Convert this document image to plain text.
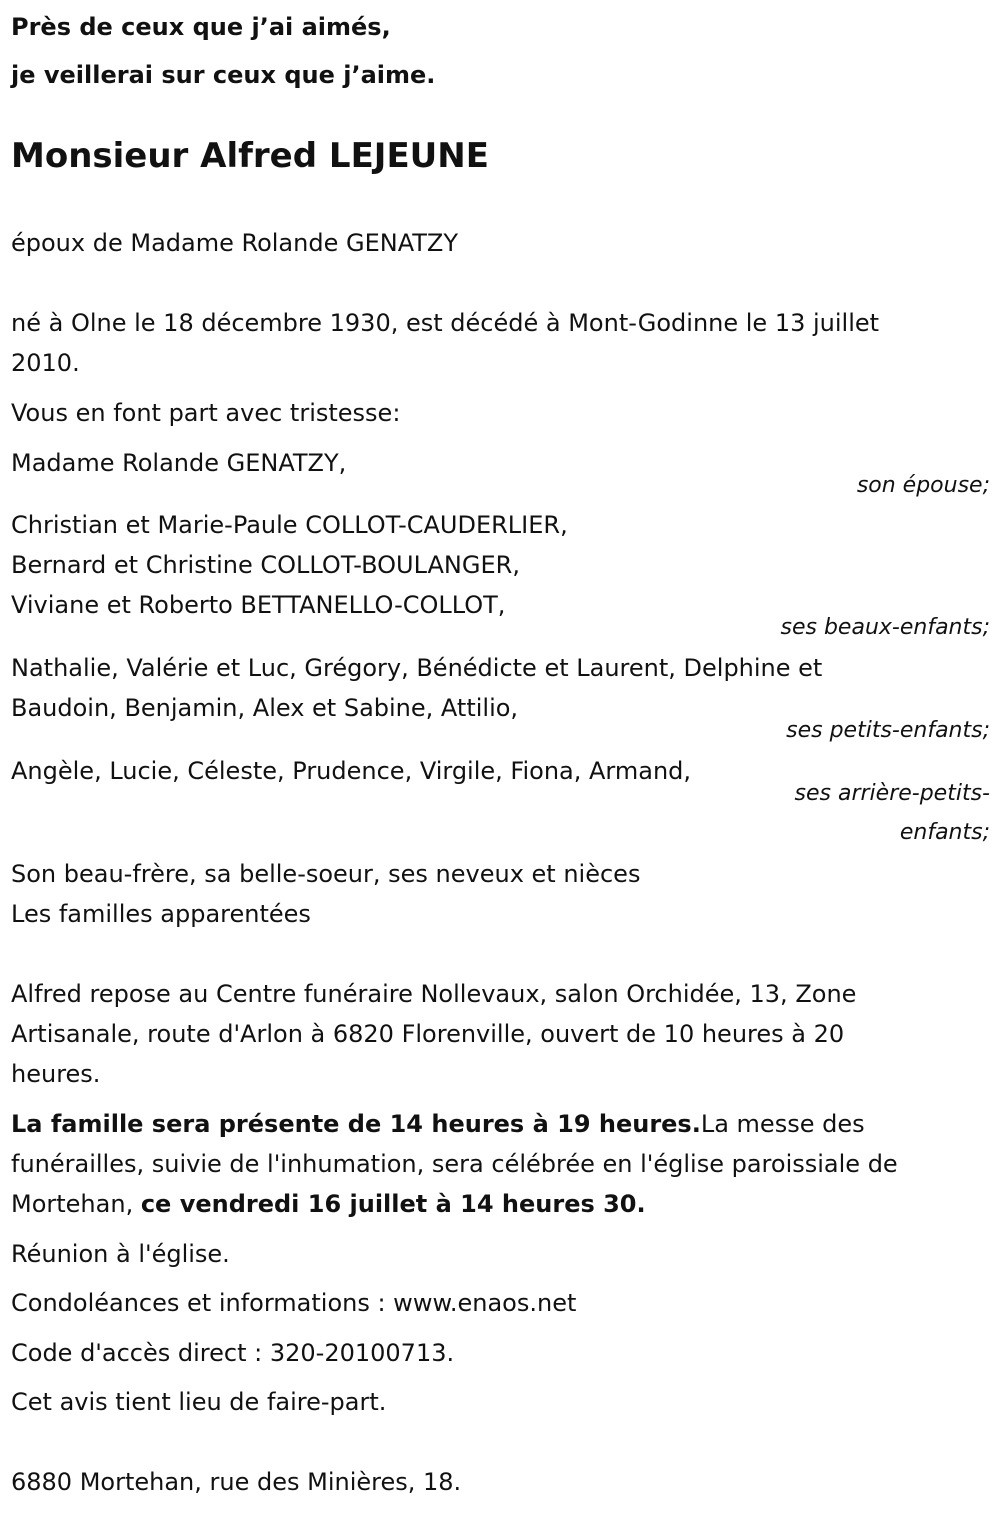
Près de ceux que j’ai aimés,
je veillerai sur ceux que j’aime.
Monsieur Alfred LEJEUNE
époux de Madame Rolande GENATZY
né à Olne le 18 décembre 1930, est décédé à Mont-Godinne le 13 juillet
2010.
Vous en font part avec tristesse:
Madame Rolande GENATZY,
son épouse;
Christian et Marie-Paule COLLOT-CAUDERLIER,
Bernard et Christine COLLOT-BOULANGER,
Viviane et Roberto BETTANELLO-COLLOT,
ses beaux-enfants;
Nathalie, Valérie et Luc, Grégory, Bénédicte et Laurent, Delphine et
Baudoin, Benjamin, Alex et Sabine, Attilio,
ses petits-enfants;
Angèle, Lucie, Céleste, Prudence, Virgile, Fiona, Armand,
ses arrière-petits-
enfants;
Son beau-frère, sa belle-soeur, ses neveux et nièces
Les familles apparentées
Alfred repose au Centre funéraire Nollevaux, salon Orchidée, 13, Zone
Artisanale, route d'Arlon à 6820 Florenville, ouvert de 10 heures à 20
heures.
La famille sera présente de 14 heures à 19 heures.La messe des
funérailles, suivie de l'inhumation, sera célébrée en l'église paroissiale de
Mortehan, ce vendredi 16 juillet à 14 heures 30.
Réunion à l'église.
Condoléances et informations : www.enaos.net
Code d'accès direct : 320-20100713.
Cet avis tient lieu de faire-part.
6880 Mortehan, rue des Minières, 18.
